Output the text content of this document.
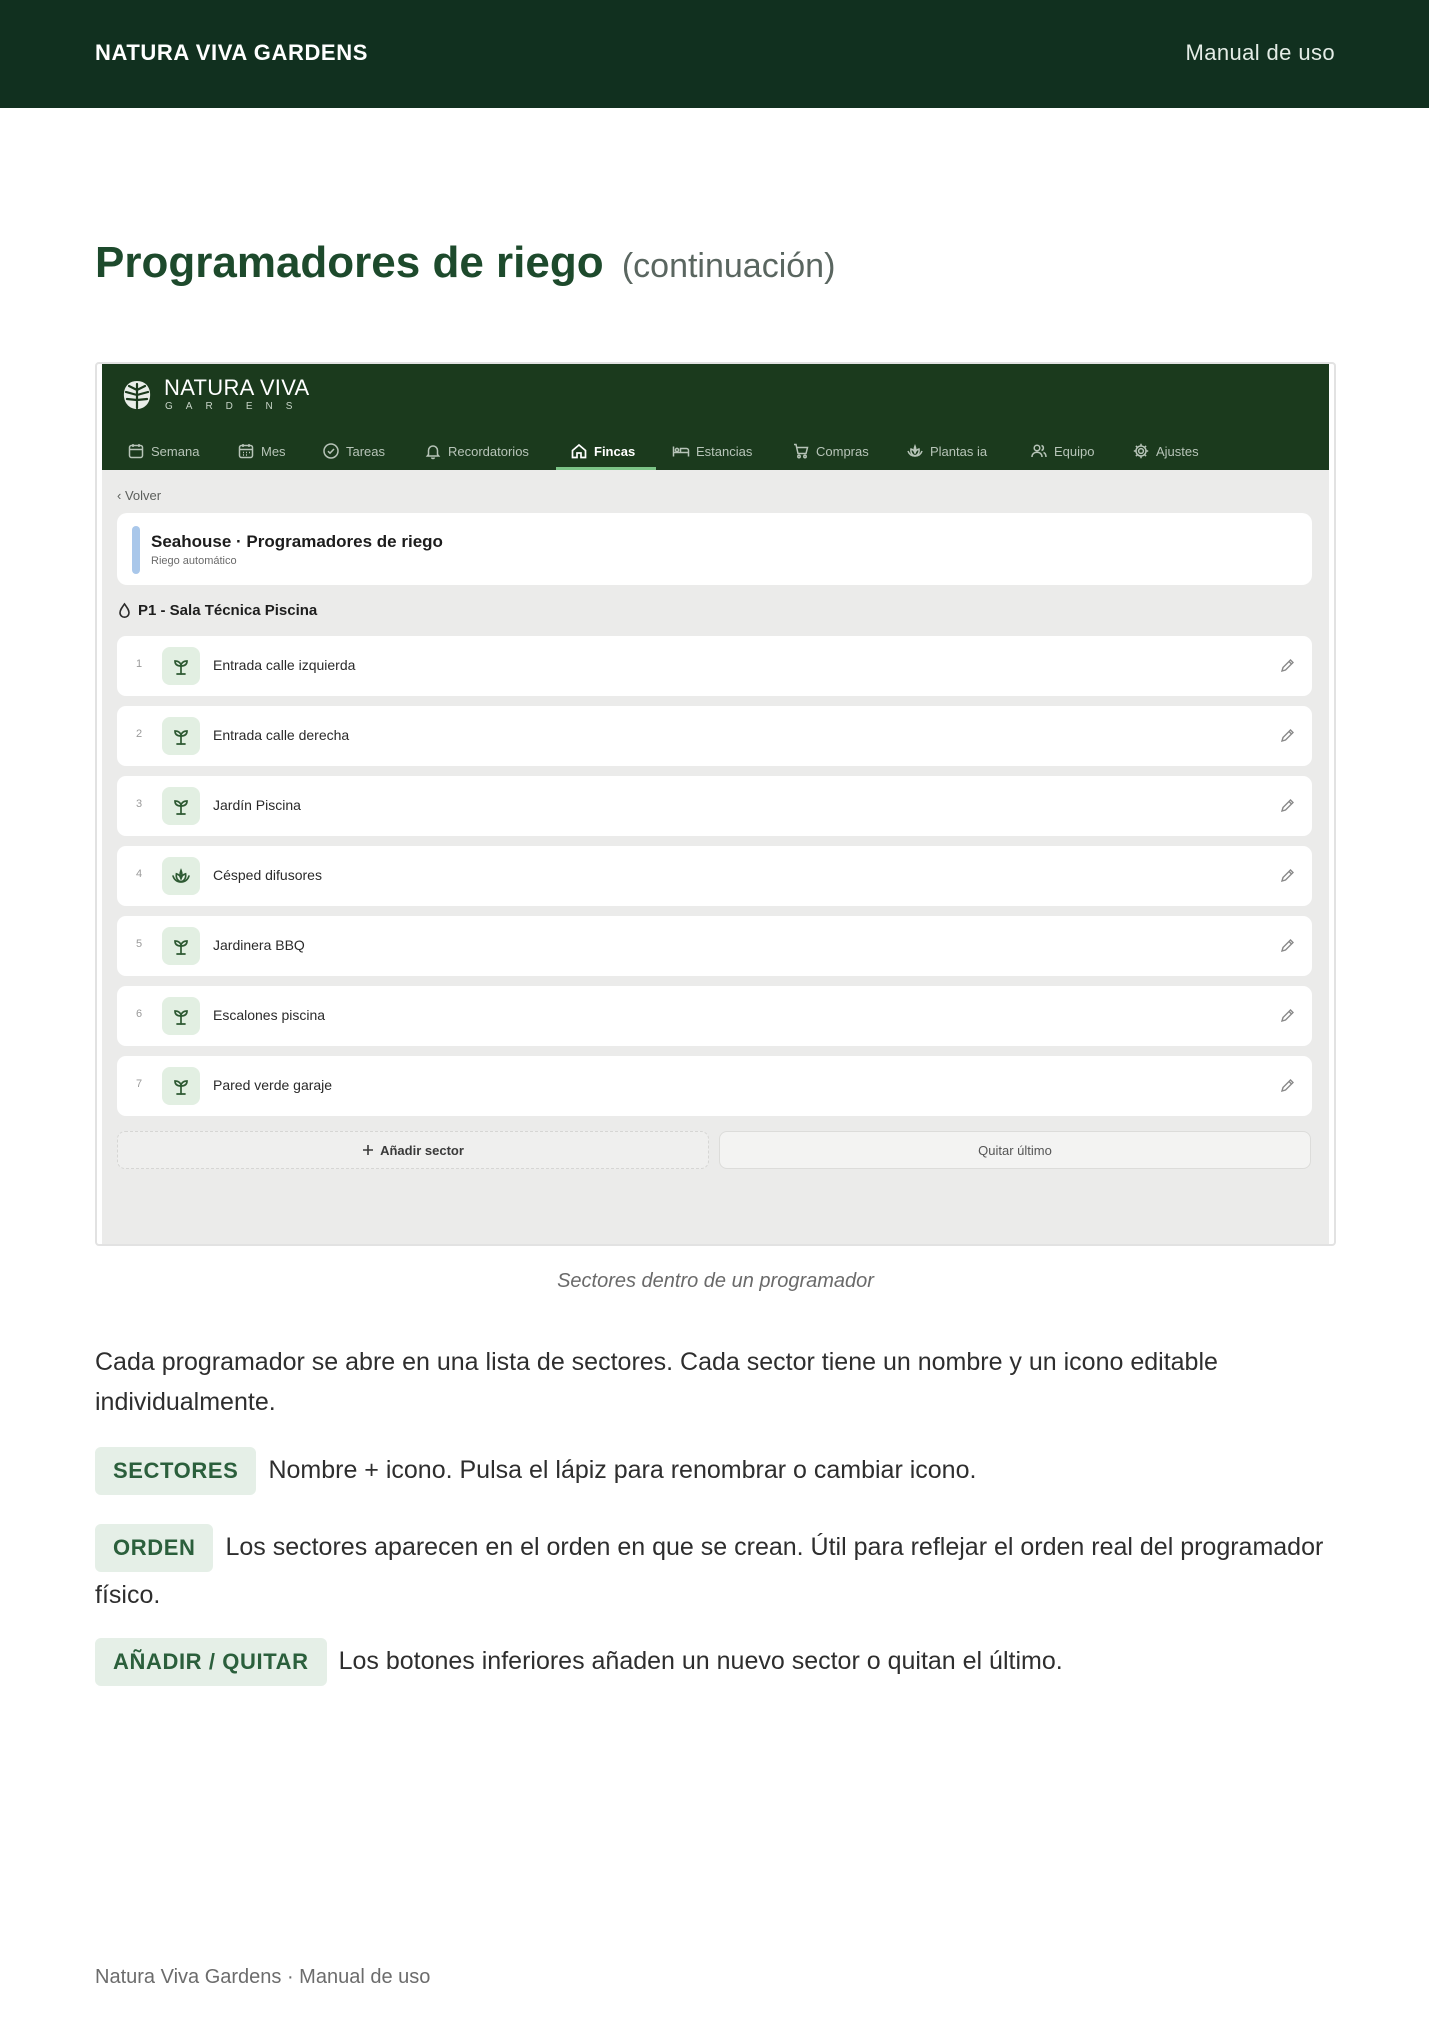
NATURA VIVA GARDENS	Manual de uso
Programadores de riego (continuación)
NATURA VIVA
GARDENS
Semana	Mes	Tareas	Recordatorios	Fincas	Estancias	Compras	Plantas ia	Equipo	Ajustes
‹ Volver
Seahouse · Programadores de riego
Riego automático
P1 - Sala Técnica Piscina
1	Entrada calle izquierda
2	Entrada calle derecha
3	Jardín Piscina
4	Césped difusores
5	Jardinera BBQ
6	Escalones piscina
7	Pared verde garaje
Añadir sector	Quitar último
Sectores dentro de un programador

Cada programador se abre en una lista de sectores. Cada sector tiene un nombre y un icono editable individualmente.

SECTORES Nombre + icono. Pulsa el lápiz para renombrar o cambiar icono.
ORDEN Los sectores aparecen en el orden en que se crean. Útil para reflejar el orden real del programador físico.
AÑADIR / QUITAR Los botones inferiores añaden un nuevo sector o quitan el último.
Natura Viva Gardens · Manual de uso
